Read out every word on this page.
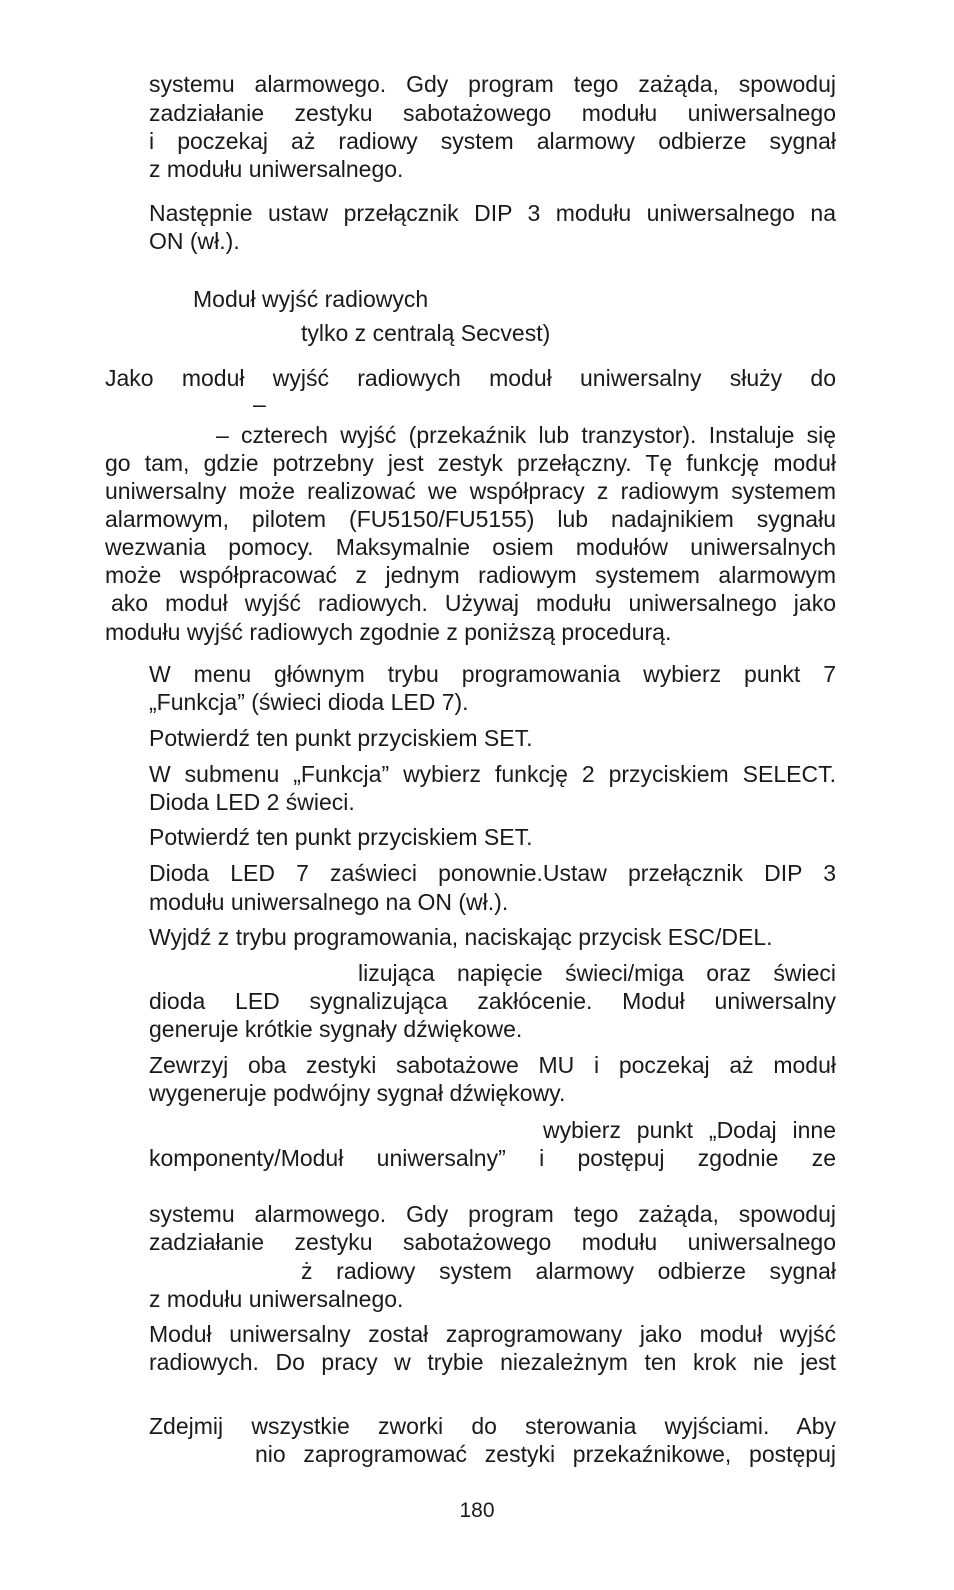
systemu alarmowego. Gdy program tego zażąda, spowoduj
zadziałanie zestyku sabotażowego modułu uniwersalnego
i poczekaj aż radiowy system alarmowy odbierze sygnał
z modułu uniwersalnego.
Następnie ustaw przełącznik DIP 3 modułu uniwersalnego na
ON (wł.).
Moduł wyjść radiowych
tylko z centralą Secvest)
Jako moduł wyjść radiowych moduł uniwersalny służy do
–
– czterech wyjść (przekaźnik lub tranzystor). Instaluje się
go tam, gdzie potrzebny jest zestyk przełączny. Tę funkcję moduł
uniwersalny może realizować we współpracy z radiowym systemem
alarmowym, pilotem (FU5150/FU5155) lub nadajnikiem sygnału
wezwania pomocy. Maksymalnie osiem modułów uniwersalnych
może współpracować z jednym radiowym systemem alarmowym
ako moduł wyjść radiowych. Używaj modułu uniwersalnego jako
modułu wyjść radiowych zgodnie z poniższą procedurą.
W menu głównym trybu programowania wybierz punkt 7
„Funkcja” (świeci dioda LED 7).
Potwierdź ten punkt przyciskiem SET.
W submenu „Funkcja” wybierz funkcję 2 przyciskiem SELECT.
Dioda LED 2 świeci.
Potwierdź ten punkt przyciskiem SET.
Dioda LED 7 zaświeci ponownie.Ustaw przełącznik DIP 3
modułu uniwersalnego na ON (wł.).
Wyjdź z trybu programowania, naciskając przycisk ESC/DEL.
lizująca napięcie świeci/miga oraz świeci
dioda LED sygnalizująca zakłócenie. Moduł uniwersalny
generuje krótkie sygnały dźwiękowe.
Zewrzyj oba zestyki sabotażowe MU i poczekaj aż moduł
wygeneruje podwójny sygnał dźwiękowy.
wybierz punkt „Dodaj inne
komponenty/Moduł uniwersalny” i postępuj zgodnie ze
systemu alarmowego. Gdy program tego zażąda, spowoduj
zadziałanie zestyku sabotażowego modułu uniwersalnego
ż radiowy system alarmowy odbierze sygnał
z modułu uniwersalnego.
Moduł uniwersalny został zaprogramowany jako moduł wyjść
radiowych. Do pracy w trybie niezależnym ten krok nie jest
Zdejmij wszystkie zworki do sterowania wyjściami. Aby
nio zaprogramować zestyki przekaźnikowe, postępuj
180
